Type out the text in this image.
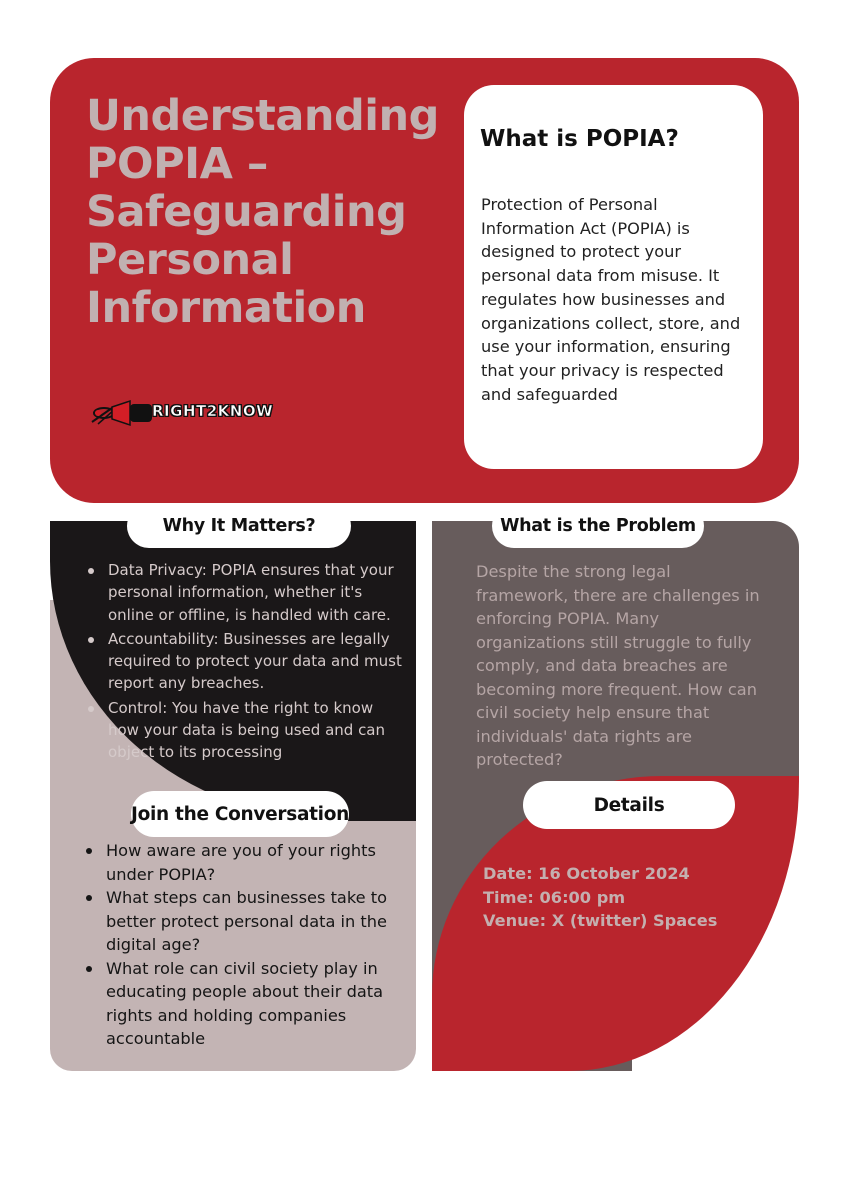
Understanding POPIA – Safeguarding Personal Information
RIGHT2KNOW
What is POPIA?

Protection of Personal Information Act (POPIA) is designed to protect your personal data from misuse. It regulates how businesses and organizations collect, store, and use your information, ensuring that your privacy is respected and safeguarded

Why It Matters?
Data Privacy: POPIA ensures that your personal information, whether it's online or offline, is handled with care.
Accountability: Businesses are legally required to protect your data and must report any breaches.
Control: You have the right to know how your data is being used and can object to its processing
Join the Conversation
How aware are you of your rights under POPIA?
What steps can businesses take to better protect personal data in the digital age?
What role can civil society play in educating people about their data rights and holding companies accountable
What is the Problem

Despite the strong legal framework, there are challenges in enforcing POPIA. Many organizations still struggle to fully comply, and data breaches are becoming more frequent. How can civil society help ensure that individuals' data rights are protected?

Details
Date: 16 October 2024
Time: 06:00 pm
Venue: X (twitter) Spaces
